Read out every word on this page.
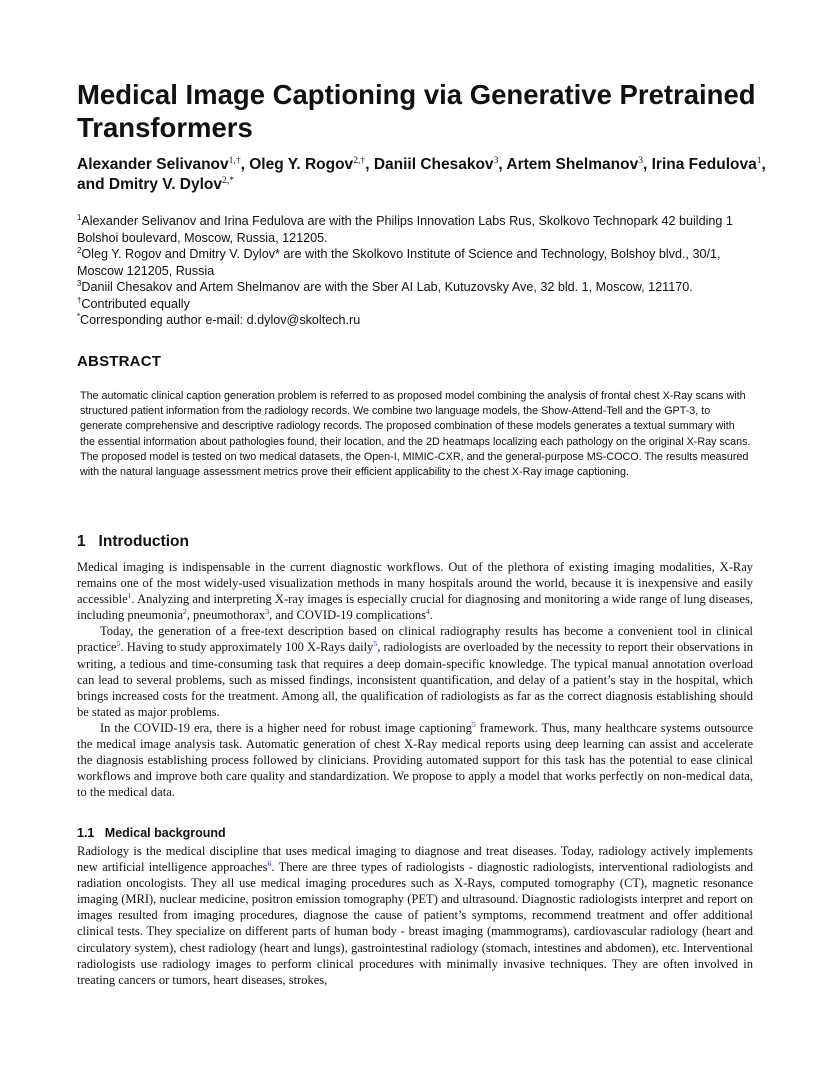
Medical Image Captioning via Generative Pretrained Transformers
Alexander Selivanov$^{1,\dagger}$, Oleg Y. Rogov$^{2,\dagger}$, Daniil Chesakov$^3$, Artem Shelmanov$^3$, Irina Fedulova$^1$, and Dmitry V. Dylov$^{2,*}$

$^1$Alexander Selivanov and Irina Fedulova are with the Philips Innovation Labs Rus, Skolkovo Technopark 42 building 1 Bolshoi boulevard, Moscow, Russia, 121205.

$^2$Oleg Y. Rogov and Dmitry V. Dylov* are with the Skolkovo Institute of Science and Technology, Bolshoy blvd., 30/1, Moscow 121205, Russia

$^3$Daniil Chesakov and Artem Shelmanov are with the Sber AI Lab, Kutuzovsky Ave, 32 bld. 1, Moscow, 121170.

†Contributed equally

*Corresponding author e-mail: d.dylov@skoltech.ru

ABSTRACT
The automatic clinical caption generation problem is referred to as proposed model combining the analysis of frontal chest X-Ray scans with structured patient information from the radiology records. We combine two language models, the Show-Attend-Tell and the GPT-3, to generate comprehensive and descriptive radiology records. The proposed combination of these models generates a textual summary with the essential information about pathologies found, their location, and the 2D heatmaps localizing each pathology on the original X-Ray scans. The proposed model is tested on two medical datasets, the Open-I, MIMIC-CXR, and the general-purpose MS-COCO. The results measured with the natural language assessment metrics prove their efficient applicability to the chest X-Ray image captioning.
1   Introduction

Medical imaging is indispensable in the current diagnostic workflows. Out of the plethora of existing imaging modalities, X-Ray remains one of the most widely-used visualization methods in many hospitals around the world, because it is inexpensive and easily accessible$^1$. Analyzing and interpreting X-ray images is especially crucial for diagnosing and monitoring a wide range of lung diseases, including pneumonia$^2$, pneumothorax$^3$, and COVID-19 complications$^4$.

Today, the generation of a free-text description based on clinical radiography results has become a convenient tool in clinical practice$^5$. Having to study approximately 100 X-Rays daily$^5$, radiologists are overloaded by the necessity to report their observations in writing, a tedious and time-consuming task that requires a deep domain-specific knowledge. The typical manual annotation overload can lead to several problems, such as missed findings, inconsistent quantification, and delay of a patient’s stay in the hospital, which brings increased costs for the treatment. Among all, the qualification of radiologists as far as the correct diagnosis establishing should be stated as major problems.

In the COVID-19 era, there is a higher need for robust image captioning$^5$ framework. Thus, many healthcare systems outsource the medical image analysis task. Automatic generation of chest X-Ray medical reports using deep learning can assist and accelerate the diagnosis establishing process followed by clinicians. Providing automated support for this task has the potential to ease clinical workflows and improve both care quality and standardization. We propose to apply a model that works perfectly on non-medical data, to the medical data.

1.1   Medical background

Radiology is the medical discipline that uses medical imaging to diagnose and treat diseases. Today, radiology actively implements new artificial intelligence approaches$^6$. There are three types of radiologists - diagnostic radiologists, interventional radiologists and radiation oncologists. They all use medical imaging procedures such as X-Rays, computed tomography (CT), magnetic resonance imaging (MRI), nuclear medicine, positron emission tomography (PET) and ultrasound. Diagnostic radiologists interpret and report on images resulted from imaging procedures, diagnose the cause of patient’s symptoms, recommend treatment and offer additional clinical tests. They specialize on different parts of human body - breast imaging (mammograms), cardiovascular radiology (heart and circulatory system), chest radiology (heart and lungs), gastrointestinal radiology (stomach, intestines and abdomen), etc. Interventional radiologists use radiology images to perform clinical procedures with minimally invasive techniques. They are often involved in treating cancers or tumors, heart diseases, strokes,
